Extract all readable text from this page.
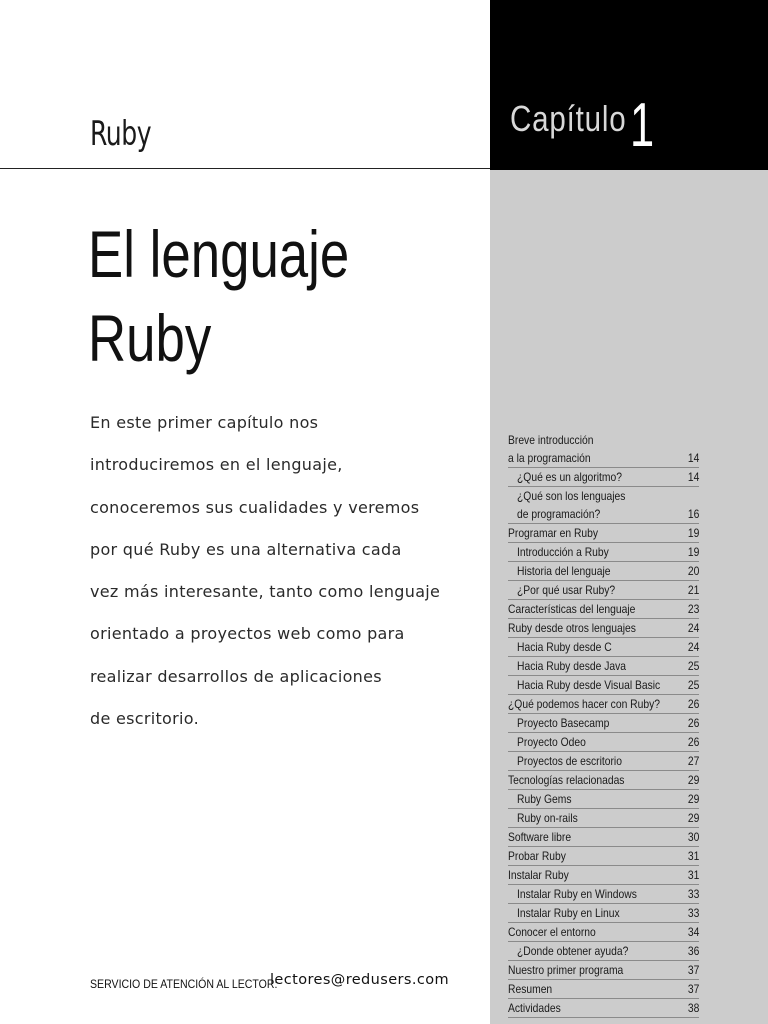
Ruby	Capítulo 1
El lenguaje
Ruby
En este primer capítulo nos
introduciremos en el lenguaje,
conoceremos sus cualidades y veremos
por qué Ruby es una alternativa cada
vez más interesante, tanto como lenguaje
orientado a proyectos web como para
realizar desarrollos de aplicaciones
de escritorio.
Breve introducción
a la programación	14
¿Qué es un algoritmo?	14
¿Qué son los lenguajes
de programación?	16
Programar en Ruby	19
Introducción a Ruby	19
Historia del lenguaje	20
¿Por qué usar Ruby?	21
Características del lenguaje	23
Ruby desde otros lenguajes	24
Hacia Ruby desde C	24
Hacia Ruby desde Java	25
Hacia Ruby desde Visual Basic	25
¿Qué podemos hacer con Ruby?	26
Proyecto Basecamp	26
Proyecto Odeo	26
Proyectos de escritorio	27
Tecnologías relacionadas	29
Ruby Gems	29
Ruby on-rails	29
Software libre	30
Probar Ruby	31
Instalar Ruby	31
Instalar Ruby en Windows	33
Instalar Ruby en Linux	33
Conocer el entorno	34
¿Donde obtener ayuda?	36
Nuestro primer programa	37
Resumen	37
Actividades	38
SERVICIO DE ATENCIÓN AL LECTOR:
lectores@redusers.com
